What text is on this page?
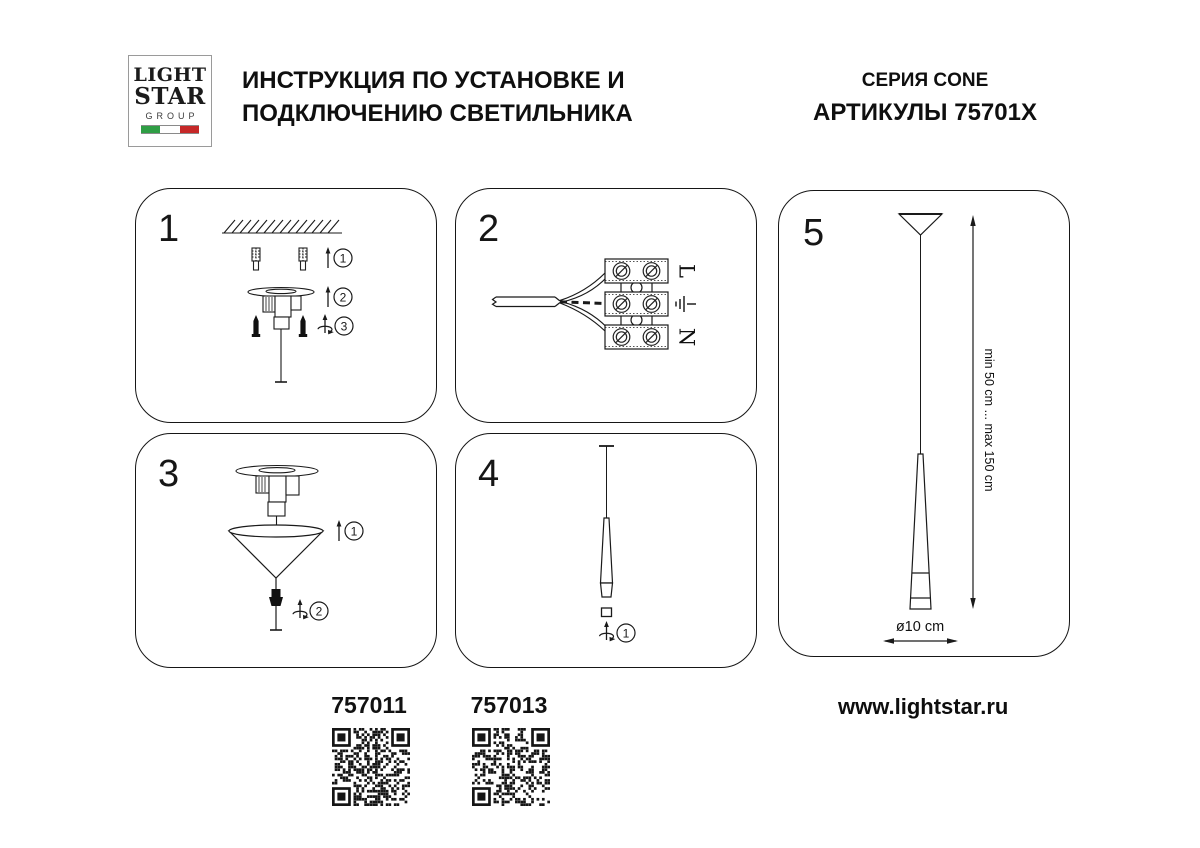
LIGHT
STAR
GROUP
ИНСТРУКЦИЯ ПО УСТАНОВКЕ И
ПОДКЛЮЧЕНИЮ СВЕТИЛЬНИКА
СЕРИЯ CONE
АРТИКУЛЫ 75701X
1
1
2
3
2
L
N
3
1
2
4
1
5
min 50 cm ... max 150 cm
ø10 cm
757011	757013	www.lightstar.ru
